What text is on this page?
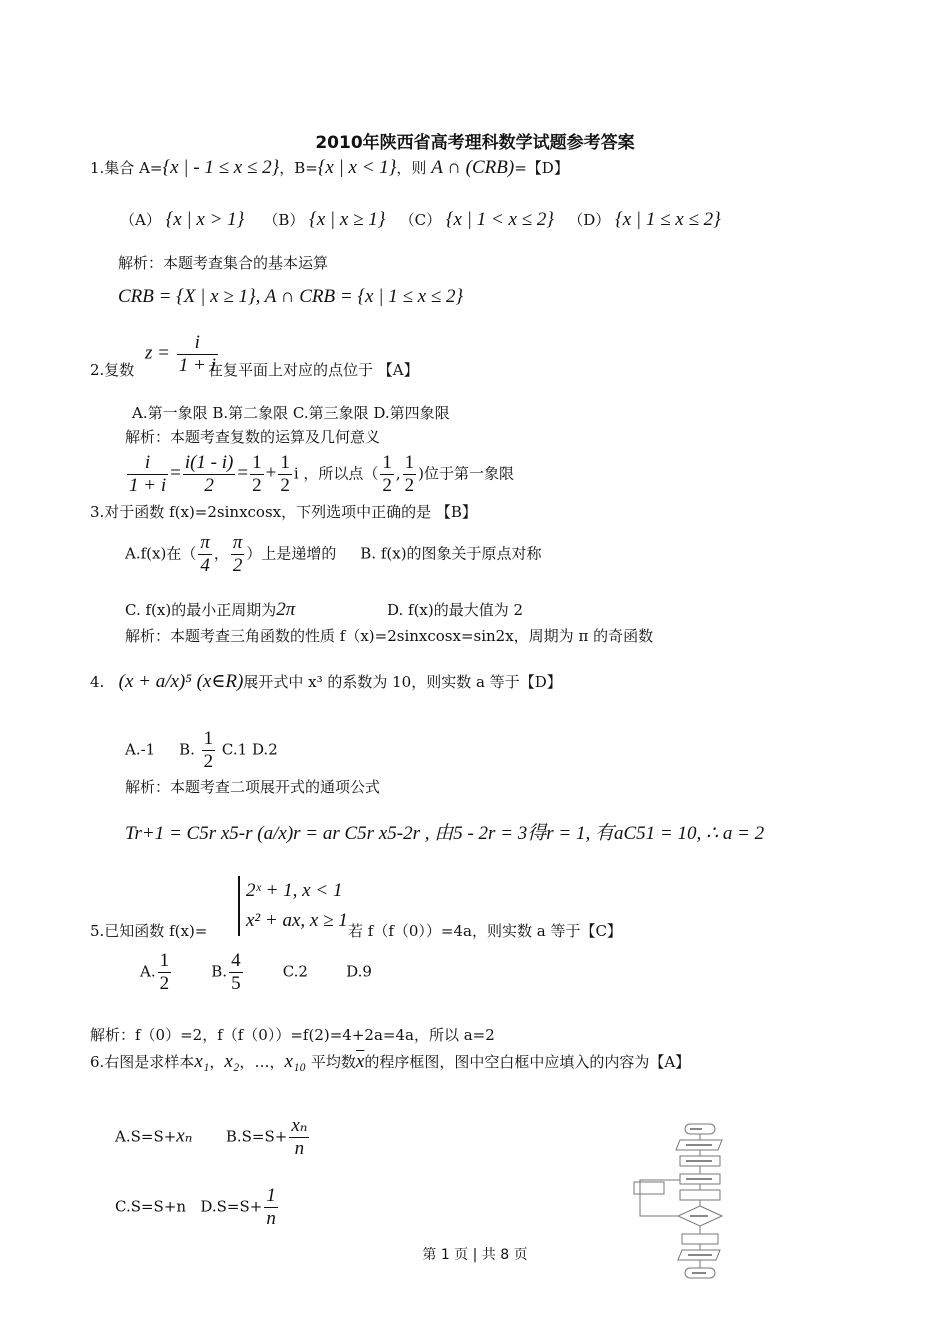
2010年陕西省高考理科数学试题参考答案
1.集合 A={x | - 1 ≤ x ≤ 2}，B={x | x < 1}，则 A ∩ (CRB)=【D】
（A） {x | x > 1} （B） {x | x ≥ 1} （C） {x | 1 < x ≤ 2} （D） {x | 1 ≤ x ≤ 2}
解析：本题考查集合的基本运算
CRB = {X | x ≥ 1}, A ∩ CRB = {x | 1 ≤ x ≤ 2}
$z = \frac{i}{1 + i}$
2.复数	在复平面上对应的点位于 【A】
A.第一象限 B.第二象限 C.第三象限 D.第四象限
解析：本题考查复数的运算及几何意义
$\frac{i}{1 + i} = \frac{i(1 - i)}{2} = \frac{1}{2} + \frac{1}{2}$ i ，所以点（ $\frac{1}{2}$ , $\frac{1}{2}$ )位于第一象限
3.对于函数 f(x)=2sinxcosx，下列选项中正确的是 【B】
A.f(x)在（ $\frac{\pi}{4}$ ， $\frac{\pi}{2}$ ）上是递增的 B. f(x)的图象关于原点对称
C. f(x)的最小正周期为2π	D. f(x)的最大值为 2
解析：本题考查三角函数的性质 f（x)=2sinxcosx=sin2x，周期为 π 的奇函数
4. (x + a/x)⁵ (x∈R)展开式中 x³ 的系数为 10，则实数 a 等于【D】
A.-1 B. $\frac{1}{2} C.1$ D.2
解析：本题考查二项展开式的通项公式
Tr+1 = C5r x5-r (a/x)r = ar C5r x5-2r , 由5 - 2r = 3得r = 1, 有aC51 = 10, ∴ a = 2
2ˣ + 1, x < 1
x² + ax, x ≥ 1
5.已知函数 f(x)=	若 f（f（0））=4a，则实数 a 等于【C】
A. $\frac{1}{2}$	B. $\frac{4}{5}$	C.2	D.9
解析：f（0）=2，f（f（0））=f(2)=4+2a=4a，所以 a=2
6.右图是求样本x₁，x₂，…，x₁₀ 平均数$\overline{x}$的程序框图，图中空白框中应填入的内容为【A】
A.S=S+xₙ $B.S=S+ \frac{\text{xₙ}}{n}$
C.S=S+n $D.S=S+ \frac{1}{n}$
第 1 页 | 共 8 页
